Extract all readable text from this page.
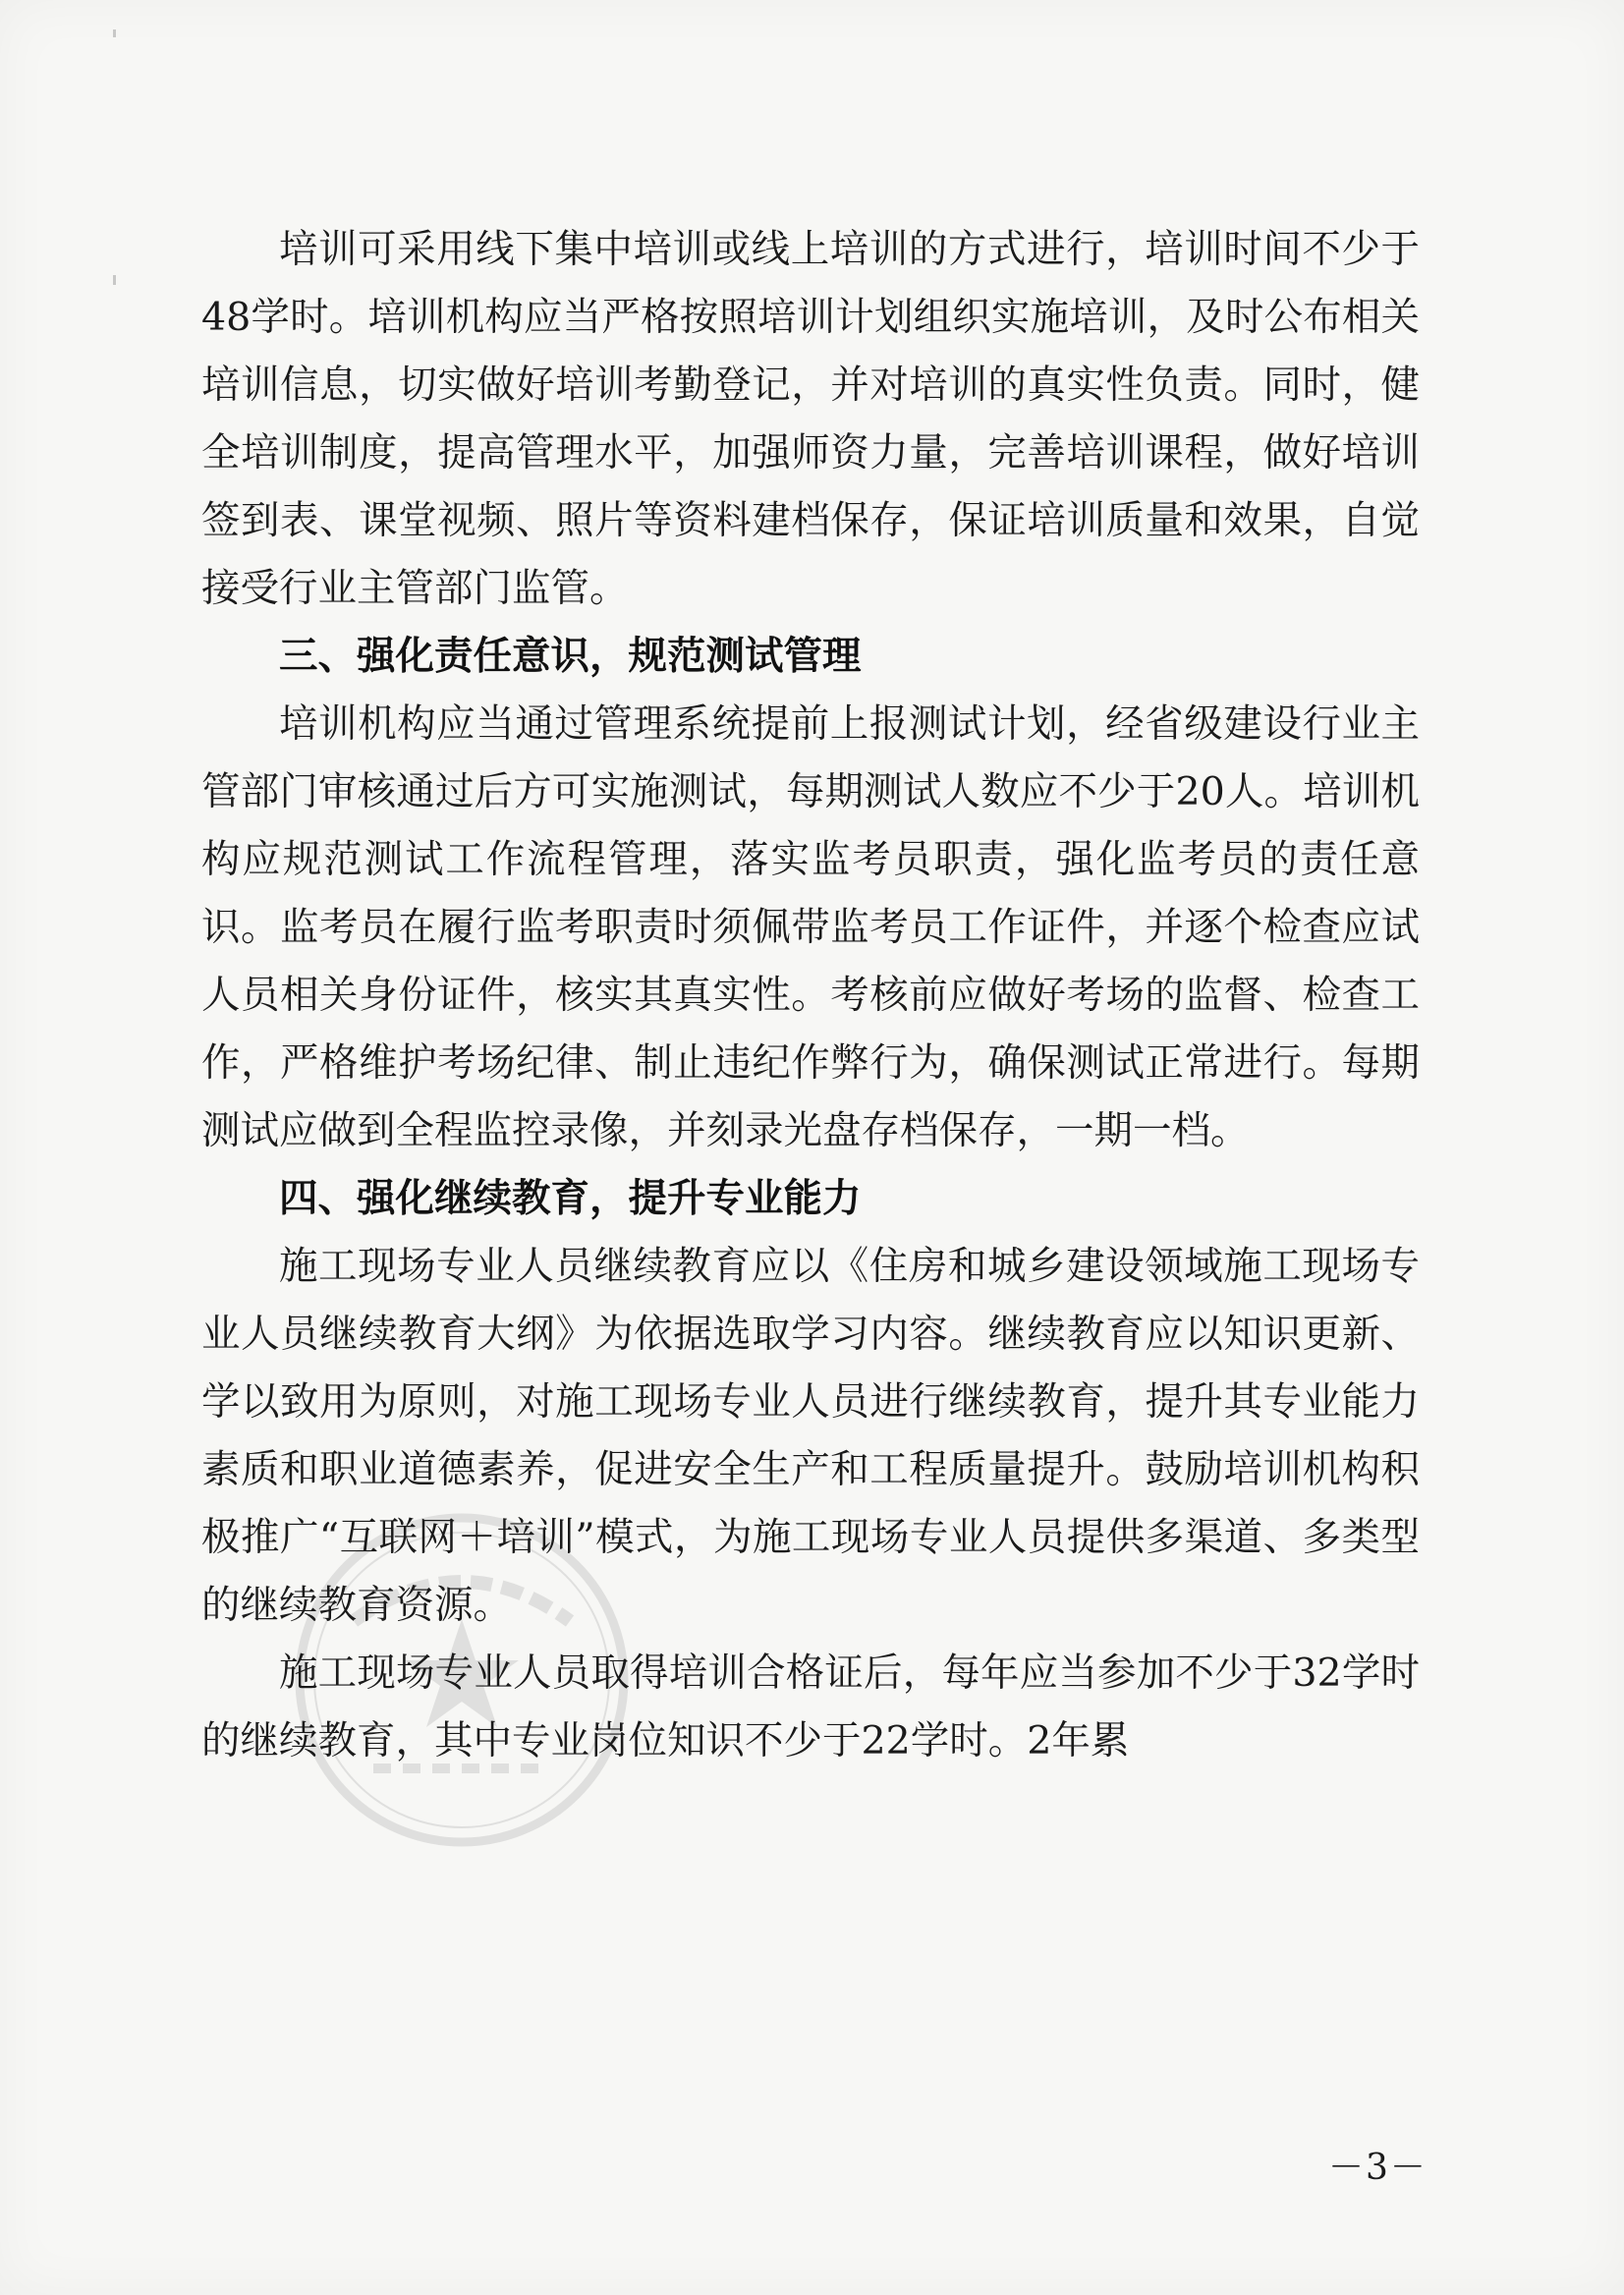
培训可采用线下集中培训或线上培训的方式进行，培训时间不少于48学时。培训机构应当严格按照培训计划组织实施培训，及时公布相关培训信息，切实做好培训考勤登记，并对培训的真实性负责。同时，健全培训制度，提高管理水平，加强师资力量，完善培训课程，做好培训签到表、课堂视频、照片等资料建档保存，保证培训质量和效果，自觉接受行业主管部门监管。

三、强化责任意识，规范测试管理

培训机构应当通过管理系统提前上报测试计划，经省级建设行业主管部门审核通过后方可实施测试，每期测试人数应不少于20人。培训机构应规范测试工作流程管理，落实监考员职责，强化监考员的责任意识。监考员在履行监考职责时须佩带监考员工作证件，并逐个检查应试人员相关身份证件，核实其真实性。考核前应做好考场的监督、检查工作，严格维护考场纪律、制止违纪作弊行为，确保测试正常进行。每期测试应做到全程监控录像，并刻录光盘存档保存，一期一档。

四、强化继续教育，提升专业能力

施工现场专业人员继续教育应以《住房和城乡建设领域施工现场专业人员继续教育大纲》为依据选取学习内容。继续教育应以知识更新、学以致用为原则，对施工现场专业人员进行继续教育，提升其专业能力素质和职业道德素养，促进安全生产和工程质量提升。鼓励培训机构积极推广“互联网＋培训”模式，为施工现场专业人员提供多渠道、多类型的继续教育资源。

施工现场专业人员取得培训合格证后，每年应当参加不少于32学时的继续教育，其中专业岗位知识不少于22学时。2年累

－3－
